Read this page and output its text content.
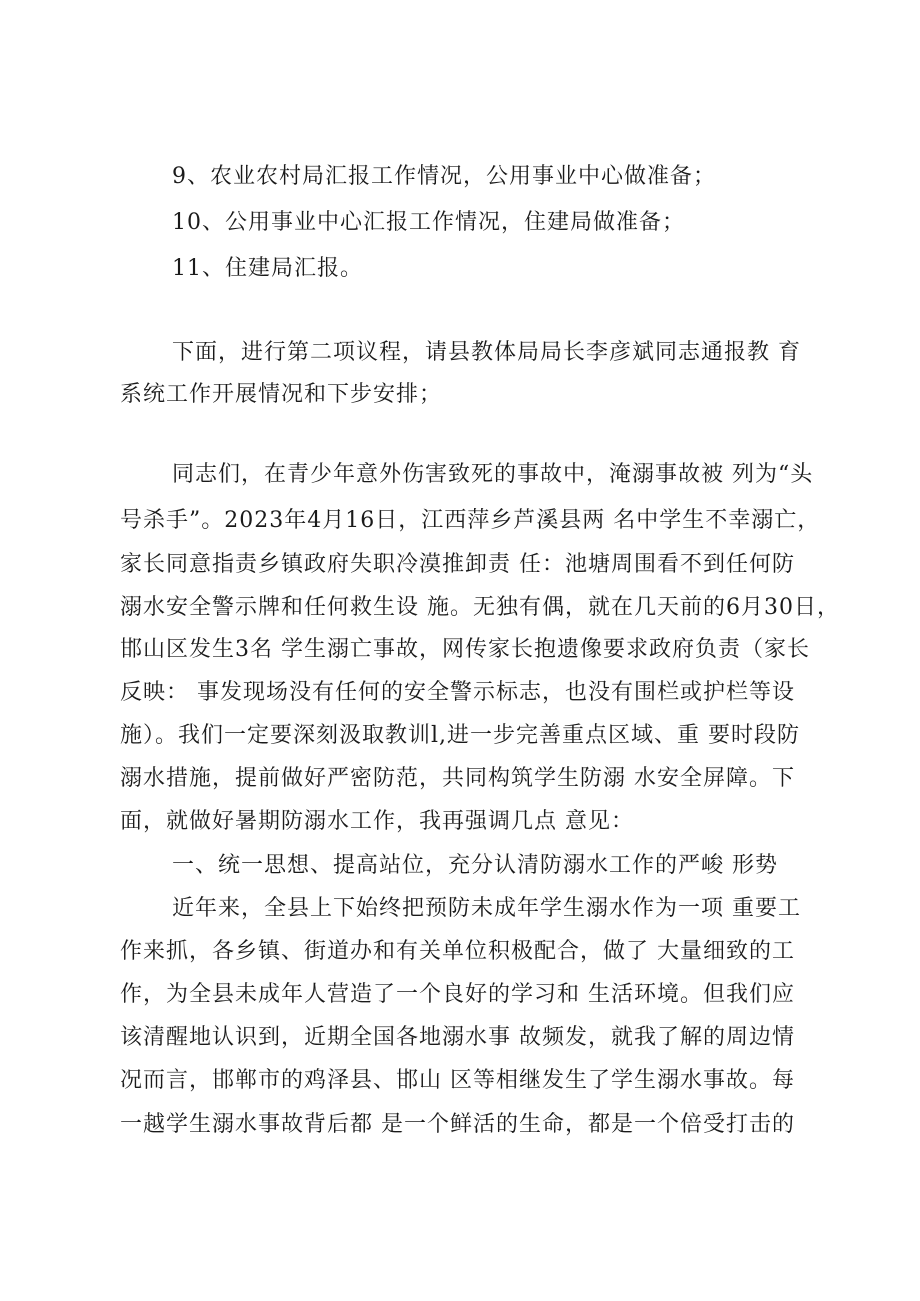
9、农业农村局汇报工作情况，公用事业中心做准备；
10、公用事业中心汇报工作情况，住建局做准备；
11、住建局汇报。
下面，进行第二项议程，请县教体局局长李彦斌同志通报教 育
系统工作开展情况和下步安排；
同志们，在青少年意外伤害致死的事故中，淹溺事故被 列为“头
号杀手”。2023年4月16日，江西萍乡芦溪县两 名中学生不幸溺亡，
家长同意指责乡镇政府失职冷漠推卸责 任：池塘周围看不到任何防
溺水安全警示牌和任何救生设 施。无独有偶，就在几天前的6月30日，
邯山区发生3名 学生溺亡事故，网传家长抱遗像要求政府负责（家长
反映： 事发现场没有任何的安全警示标志，也没有围栏或护栏等设
施）。我们一定要深刻汲取教训l,进一步完善重点区域、重 要时段防
溺水措施，提前做好严密防范，共同构筑学生防溺 水安全屏障。下
面，就做好暑期防溺水工作，我再强调几点 意见：
一、统一思想、提高站位，充分认清防溺水工作的严峻 形势
近年来，全县上下始终把预防未成年学生溺水作为一项 重要工
作来抓，各乡镇、街道办和有关单位积极配合，做了 大量细致的工
作，为全县未成年人营造了一个良好的学习和 生活环境。但我们应
该清醒地认识到，近期全国各地溺水事 故频发，就我了解的周边情
况而言，邯郸市的鸡泽县、邯山 区等相继发生了学生溺水事故。每
一越学生溺水事故背后都 是一个鲜活的生命，都是一个倍受打击的
